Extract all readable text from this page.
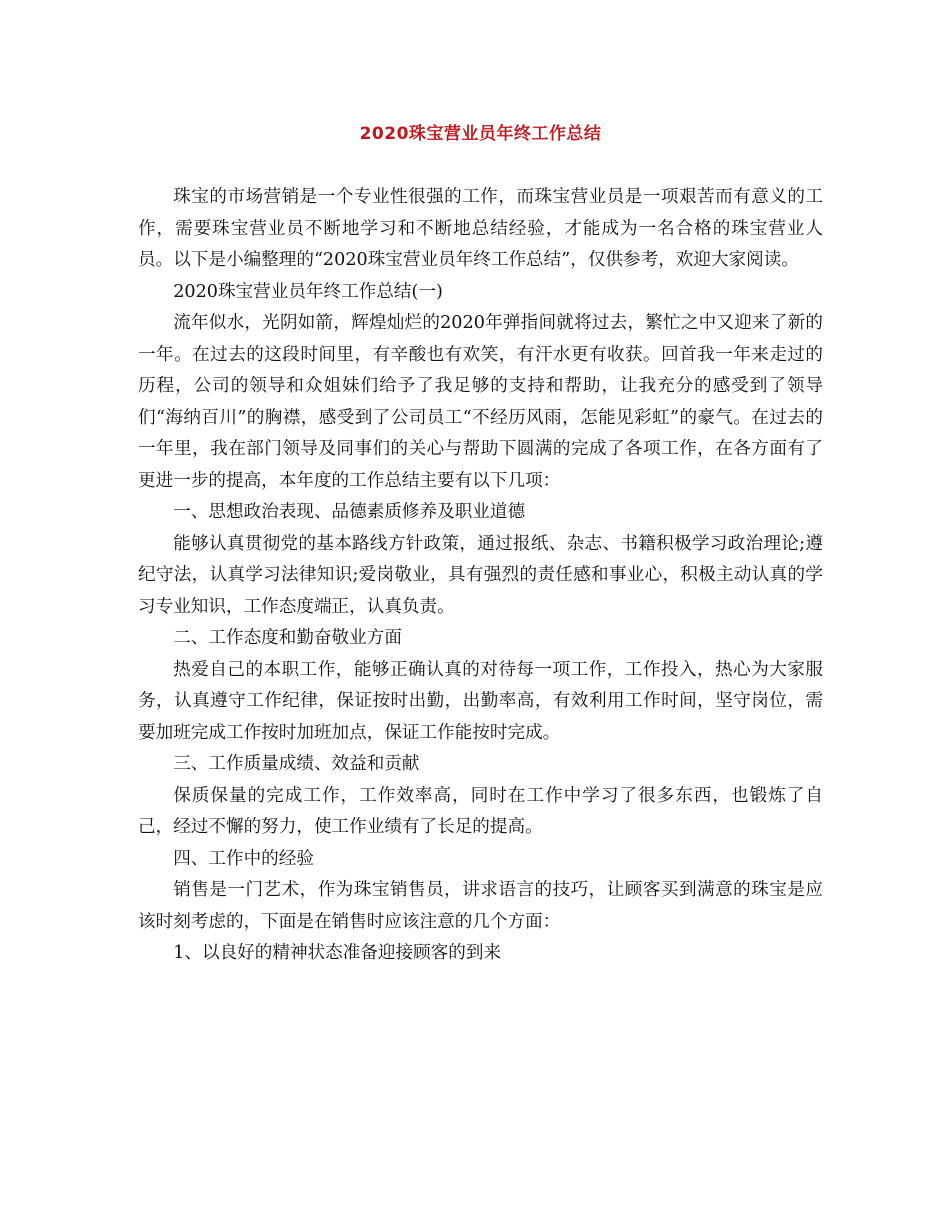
2020珠宝营业员年终工作总结

珠宝的市场营销是一个专业性很强的工作，而珠宝营业员是一项艰苦而有意义的工作，需要珠宝营业员不断地学习和不断地总结经验，才能成为一名合格的珠宝营业人员。以下是小编整理的“2020珠宝营业员年终工作总结”，仅供参考，欢迎大家阅读。

2020珠宝营业员年终工作总结(一)

流年似水，光阴如箭，辉煌灿烂的2020年弹指间就将过去，繁忙之中又迎来了新的一年。在过去的这段时间里，有辛酸也有欢笑，有汗水更有收获。回首我一年来走过的历程，公司的领导和众姐妹们给予了我足够的支持和帮助，让我充分的感受到了领导们“海纳百川”的胸襟，感受到了公司员工“不经历风雨，怎能见彩虹”的豪气。在过去的一年里，我在部门领导及同事们的关心与帮助下圆满的完成了各项工作，在各方面有了更进一步的提高，本年度的工作总结主要有以下几项：

一、思想政治表现、品德素质修养及职业道德

能够认真贯彻党的基本路线方针政策，通过报纸、杂志、书籍积极学习政治理论;遵纪守法，认真学习法律知识;爱岗敬业，具有强烈的责任感和事业心，积极主动认真的学习专业知识，工作态度端正，认真负责。

二、工作态度和勤奋敬业方面

热爱自己的本职工作，能够正确认真的对待每一项工作，工作投入，热心为大家服务，认真遵守工作纪律，保证按时出勤，出勤率高，有效利用工作时间，坚守岗位，需要加班完成工作按时加班加点，保证工作能按时完成。

三、工作质量成绩、效益和贡献

保质保量的完成工作，工作效率高，同时在工作中学习了很多东西，也锻炼了自己，经过不懈的努力，使工作业绩有了长足的提高。

四、工作中的经验

销售是一门艺术，作为珠宝销售员，讲求语言的技巧，让顾客买到满意的珠宝是应该时刻考虑的，下面是在销售时应该注意的几个方面：

1、以良好的精神状态准备迎接顾客的到来
